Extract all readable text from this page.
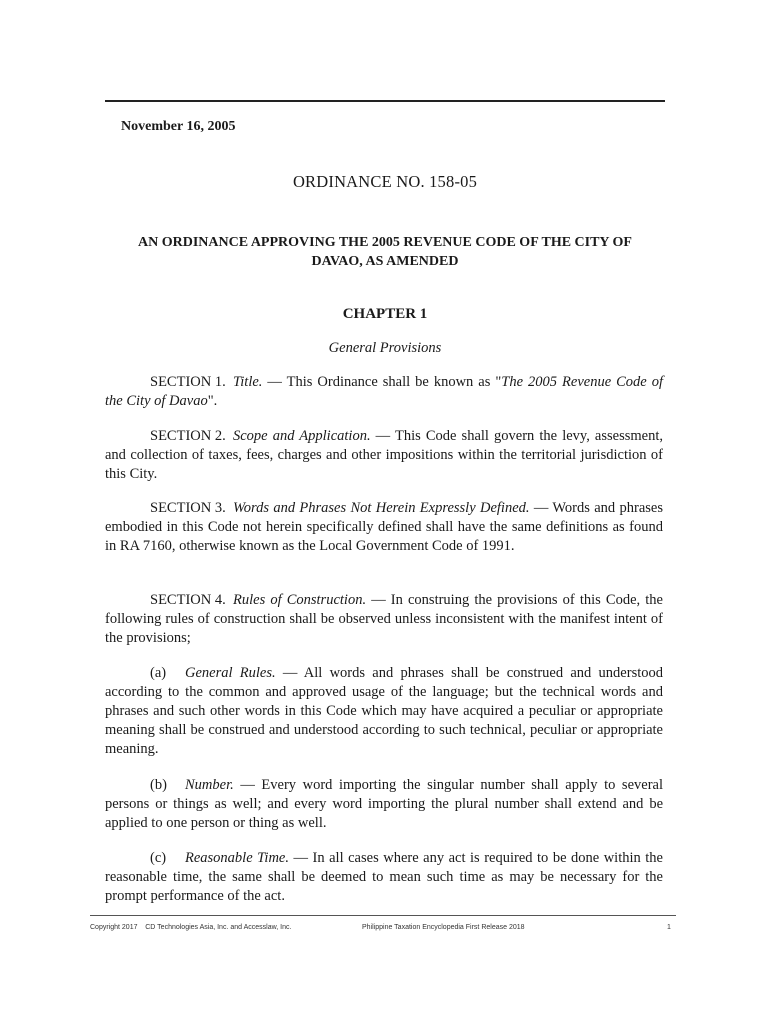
November 16, 2005
ORDINANCE NO. 158-05
AN ORDINANCE APPROVING THE 2005 REVENUE CODE OF THE CITY OF
DAVAO, AS AMENDED
CHAPTER 1
General Provisions
SECTION 1. Title. — This Ordinance shall be known as "The 2005 Revenue Code of the City of Davao".
SECTION 2. Scope and Application. — This Code shall govern the levy, assessment, and collection of taxes, fees, charges and other impositions within the territorial jurisdiction of this City.
SECTION 3. Words and Phrases Not Herein Expressly Defined. — Words and phrases embodied in this Code not herein specifically defined shall have the same definitions as found in RA 7160, otherwise known as the Local Government Code of 1991.
SECTION 4. Rules of Construction. — In construing the provisions of this Code, the following rules of construction shall be observed unless inconsistent with the manifest intent of the provisions;
(a) General Rules. — All words and phrases shall be construed and understood according to the common and approved usage of the language; but the technical words and phrases and such other words in this Code which may have acquired a peculiar or appropriate meaning shall be construed and understood according to such technical, peculiar or appropriate meaning.
(b) Number. — Every word importing the singular number shall apply to several persons or things as well; and every word importing the plural number shall extend and be applied to one person or thing as well.
(c) Reasonable Time. — In all cases where any act is required to be done within the reasonable time, the same shall be deemed to mean such time as may be necessary for the prompt performance of the act.
Copyright 2017    CD Technologies Asia, Inc. and Accesslaw, Inc.	Philippine Taxation Encyclopedia First Release 2018	1
